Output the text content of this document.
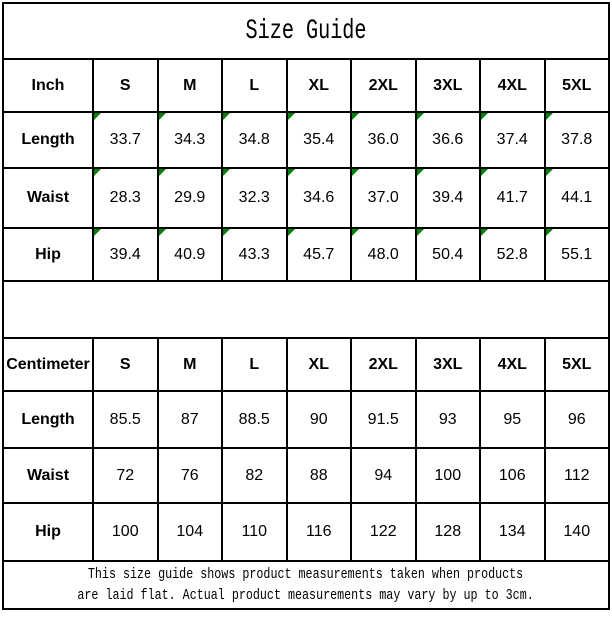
Size Guide
Inch	S	M	L	XL 2XL 3XL 4XL 5XL
Length 33.7 34.3 34.8 35.4 36.0 36.6 37.4 37.8
Waist	28.3 29.9 32.3 34.6 37.0 39.4 41.7 44.1
Hip	39.4 40.9 43.3 45.7 48.0 50.4 52.8 55.1
Centimeter S	M	L	XL 2XL 3XL 4XL 5XL
Length 85.5	87	88.5	90	91.5	93	95	96
Waist	72	76	82	88	94	100 106 112
Hip	100 104 110 116 122 128 134 140
This size guide shows product measurements taken when products
are laid flat. Actual product measurements may vary by up to 3cm.
